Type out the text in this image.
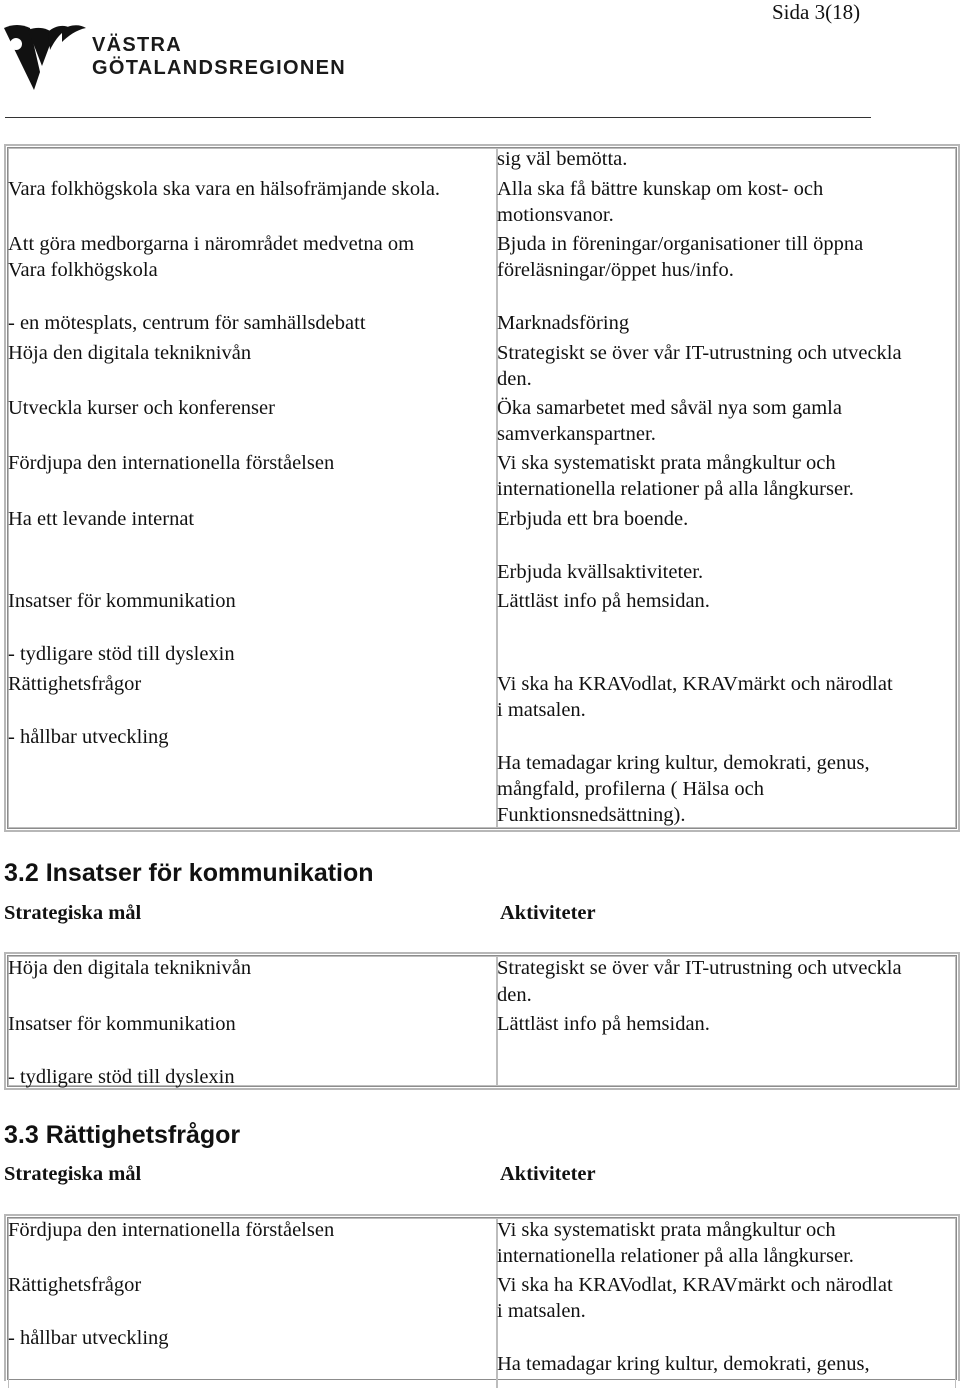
Sida 3(18)
VÄSTRA
GÖTALANDSREGIONEN
Vara folkhögskola ska vara en hälsofrämjande skola.
Att göra medborgarna i närområdet medvetna om
Vara folkhögskola
- en mötesplats, centrum för samhällsdebatt
Höja den digitala tekniknivån
Utveckla kurser och konferenser
Fördjupa den internationella förståelsen
Ha ett levande internat
Insatser för kommunikation
- tydligare stöd till dyslexin
Rättighetsfrågor
- hållbar utveckling
sig väl bemötta.
Alla ska få bättre kunskap om kost- och
motionsvanor.
Bjuda in föreningar/organisationer till öppna
föreläsningar/öppet hus/info.
Marknadsföring
Strategiskt se över vår IT-utrustning och utveckla
den.
Öka samarbetet med såväl nya som gamla
samverkanspartner.
Vi ska systematiskt prata mångkultur och
internationella relationer på alla långkurser.
Erbjuda ett bra boende.
Erbjuda kvällsaktiviteter.
Lättläst info på hemsidan.
Vi ska ha KRAVodlat, KRAVmärkt och närodlat
i matsalen.
Ha temadagar kring kultur, demokrati, genus,
mångfald, profilerna ( Hälsa och
Funktionsnedsättning).
3.2 Insatser för kommunikation
Strategiska mål	Aktiviteter
Höja den digitala tekniknivån
Insatser för kommunikation
- tydligare stöd till dyslexin
Strategiskt se över vår IT-utrustning och utveckla
den.
Lättläst info på hemsidan.
3.3 Rättighetsfrågor
Strategiska mål	Aktiviteter
Fördjupa den internationella förståelsen
Rättighetsfrågor
- hållbar utveckling
Vi ska systematiskt prata mångkultur och
internationella relationer på alla långkurser.
Vi ska ha KRAVodlat, KRAVmärkt och närodlat
i matsalen.
Ha temadagar kring kultur, demokrati, genus,
